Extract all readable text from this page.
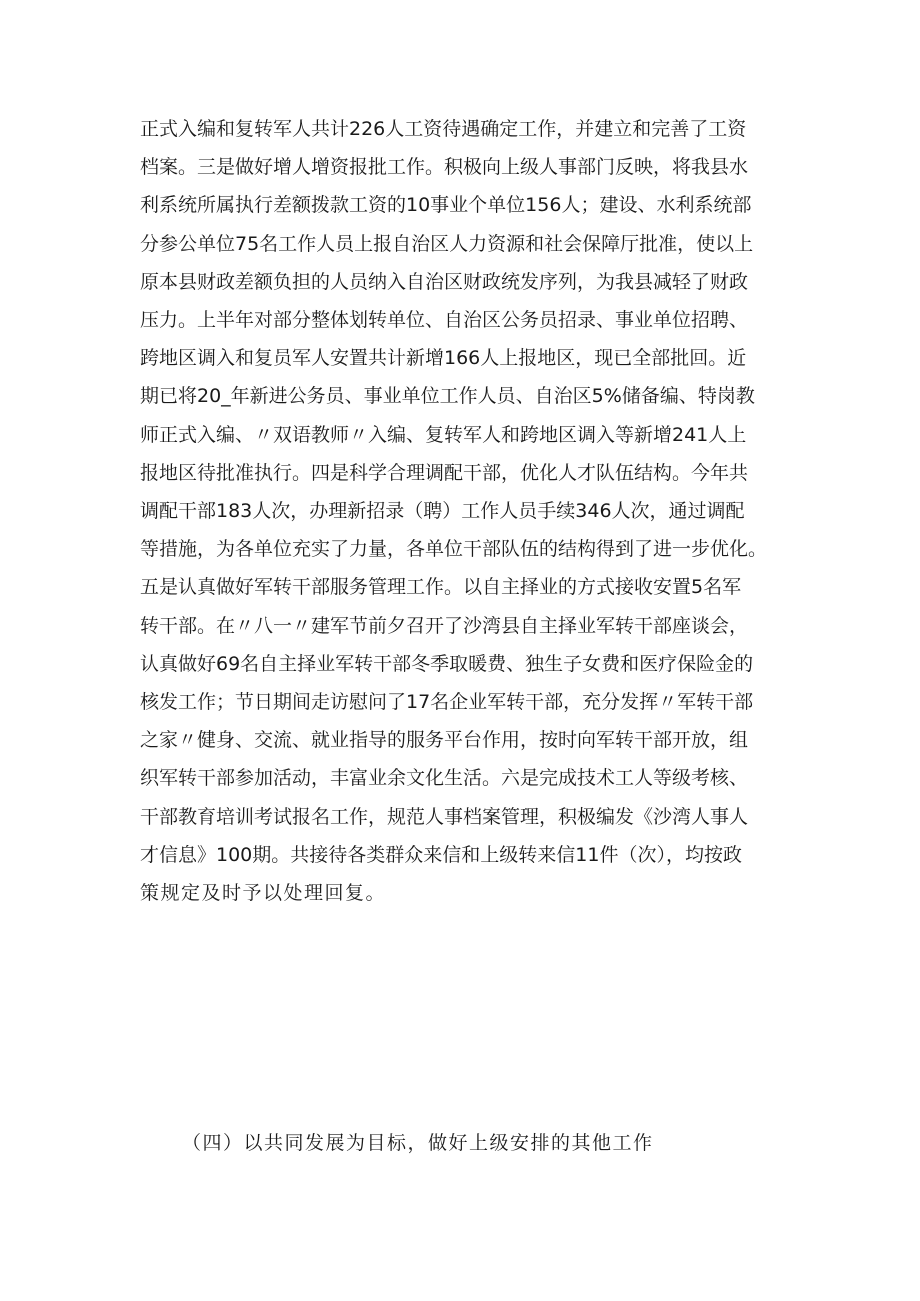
正式入编和复转军人共计226人工资待遇确定工作，并建立和完善了工资
档案。三是做好增人增资报批工作。积极向上级人事部门反映，将我县水
利系统所属执行差额拨款工资的10事业个单位156人；建设、水利系统部
分参公单位75名工作人员上报自治区人力资源和社会保障厅批准，使以上
原本县财政差额负担的人员纳入自治区财政统发序列，为我县减轻了财政
压力。上半年对部分整体划转单位、自治区公务员招录、事业单位招聘、
跨地区调入和复员军人安置共计新增166人上报地区，现已全部批回。近
期已将20_年新进公务员、事业单位工作人员、自治区5%储备编、特岗教
师正式入编、〃双语教师〃入编、复转军人和跨地区调入等新增241人上
报地区待批准执行。四是科学合理调配干部，优化人才队伍结构。今年共
调配干部183人次，办理新招录（聘）工作人员手续346人次，通过调配
等措施，为各单位充实了力量，各单位干部队伍的结构得到了进一步优化。
五是认真做好军转干部服务管理工作。以自主择业的方式接收安置5名军
转干部。在〃八一〃建军节前夕召开了沙湾县自主择业军转干部座谈会，
认真做好69名自主择业军转干部冬季取暖费、独生子女费和医疗保险金的
核发工作；节日期间走访慰问了17名企业军转干部，充分发挥〃军转干部
之家〃健身、交流、就业指导的服务平台作用，按时向军转干部开放，组
织军转干部参加活动，丰富业余文化生活。六是完成技术工人等级考核、
干部教育培训考试报名工作，规范人事档案管理，积极编发《沙湾人事人
才信息》100期。共接待各类群众来信和上级转来信11件（次），均按政
策规定及时予以处理回复。
（四）以共同发展为目标，做好上级安排的其他工作
